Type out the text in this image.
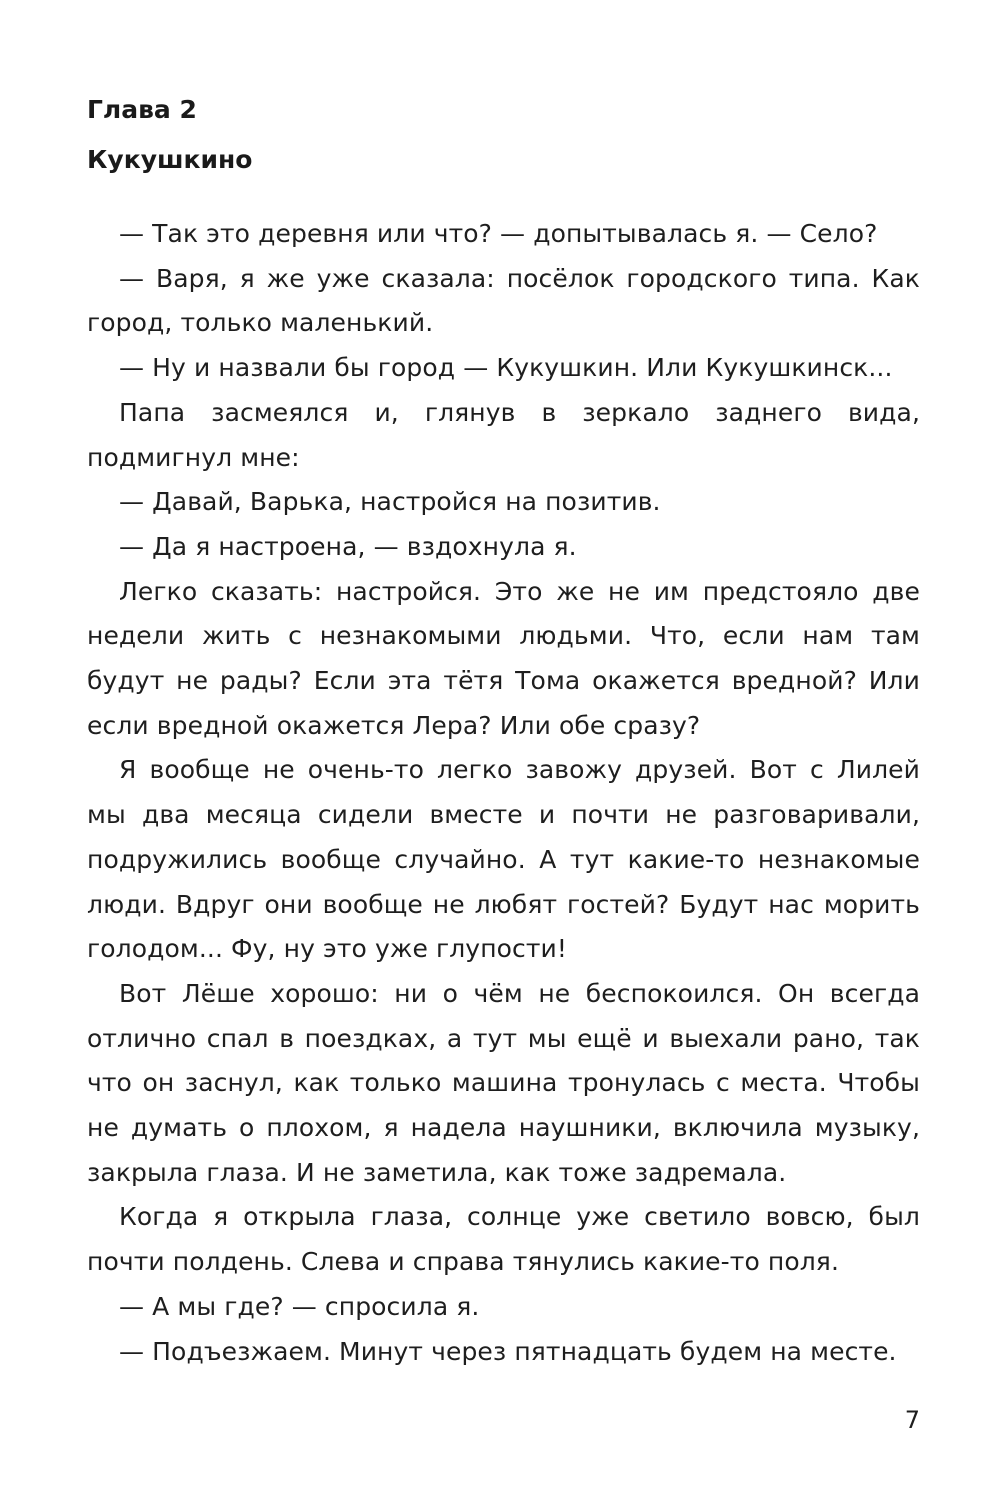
Глава 2
Кукушкино

— Так это деревня или что? — допытывалась я. — Село?

— Варя, я же уже сказала: посёлок городского типа. Как город, только маленький.

— Ну и назвали бы город — Кукушкин. Или Кукушкинск...

Папа засмеялся и, глянув в зеркало заднего вида, подмигнул мне:

— Давай, Варька, настройся на позитив.

— Да я настроена, — вздохнула я.

Легко сказать: настройся. Это же не им предстояло две недели жить с незнакомыми людьми. Что, если нам там будут не рады? Если эта тётя Тома окажется вредной? Или если вредной окажется Лера? Или обе сразу?

Я вообще не очень-то легко завожу друзей. Вот с Лилей мы два месяца сидели вместе и почти не разговаривали, подружились вообще случайно. А тут какие-то незнакомые люди. Вдруг они вообще не любят гостей? Будут нас морить голодом... Фу, ну это уже глупости!

Вот Лёше хорошо: ни о чём не беспокоился. Он всегда отлично спал в поездках, а тут мы ещё и выехали рано, так что он заснул, как только машина тронулась с места. Чтобы не думать о плохом, я надела наушники, включила музыку, закрыла глаза. И не заметила, как тоже задремала.

Когда я открыла глаза, солнце уже светило вовсю, был почти полдень. Слева и справа тянулись какие-то поля.

— А мы где? — спросила я.

— Подъезжаем. Минут через пятнадцать будем на месте.

7
